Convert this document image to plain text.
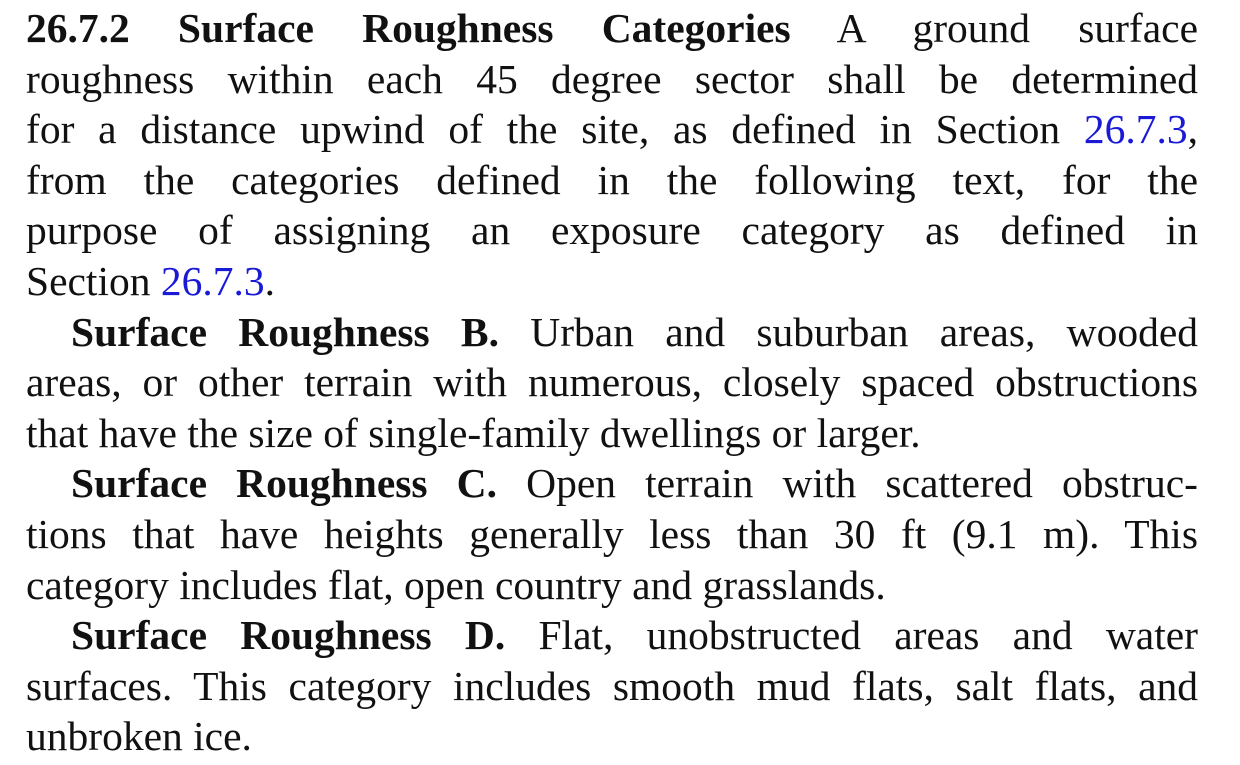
26.7.2 Surface Roughness Categories A ground surface
roughness within each 45 degree sector shall be determined
for a distance upwind of the site, as defined in Section 26.7.3,
from the categories defined in the following text, for the
purpose of assigning an exposure category as defined in
Section 26.7.3.
Surface Roughness B. Urban and suburban areas, wooded
areas, or other terrain with numerous, closely spaced obstructions
that have the size of single-family dwellings or larger.
Surface Roughness C. Open terrain with scattered obstruc-
tions that have heights generally less than 30 ft (9.1 m). This
category includes flat, open country and grasslands.
Surface Roughness D. Flat, unobstructed areas and water
surfaces. This category includes smooth mud flats, salt flats, and
unbroken ice.
